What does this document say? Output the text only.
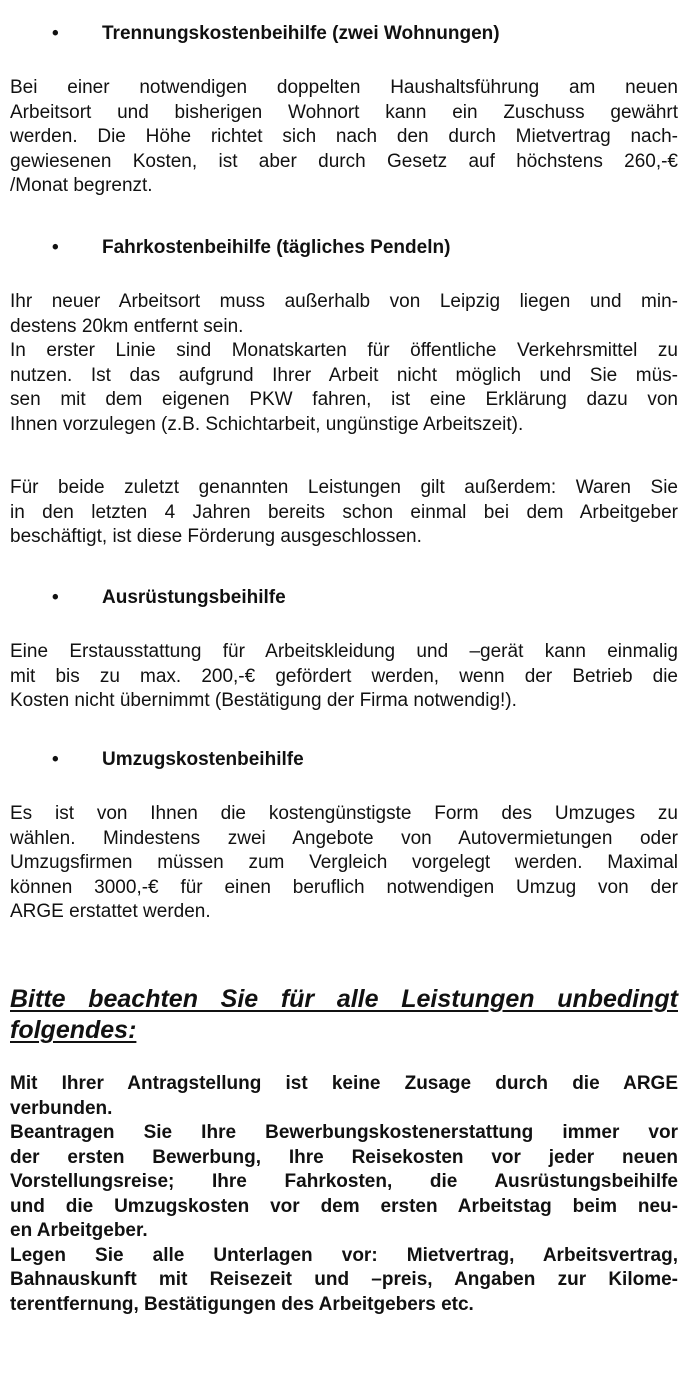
• Trennungskostenbeihilfe (zwei Wohnungen)
Bei einer notwendigen doppelten Haushaltsführung am neuen
Arbeitsort und bisherigen Wohnort kann ein Zuschuss gewährt
werden. Die Höhe richtet sich nach den durch Mietvertrag nach-
gewiesenen Kosten, ist aber durch Gesetz auf höchstens 260,-€
/Monat begrenzt.
• Fahrkostenbeihilfe (tägliches Pendeln)
Ihr neuer Arbeitsort muss außerhalb von Leipzig liegen und min-
destens 20km entfernt sein.
In erster Linie sind Monatskarten für öffentliche Verkehrsmittel zu
nutzen. Ist das aufgrund Ihrer Arbeit nicht möglich und Sie müs-
sen mit dem eigenen PKW fahren, ist eine Erklärung dazu von
Ihnen vorzulegen (z.B. Schichtarbeit, ungünstige Arbeitszeit).
Für beide zuletzt genannten Leistungen gilt außerdem: Waren Sie
in den letzten 4 Jahren bereits schon einmal bei dem Arbeitgeber
beschäftigt, ist diese Förderung ausgeschlossen.
• Ausrüstungsbeihilfe
Eine Erstausstattung für Arbeitskleidung und –gerät kann einmalig
mit bis zu max. 200,-€ gefördert werden, wenn der Betrieb die
Kosten nicht übernimmt (Bestätigung der Firma notwendig!).
• Umzugskostenbeihilfe
Es ist von Ihnen die kostengünstigste Form des Umzuges zu
wählen. Mindestens zwei Angebote von Autovermietungen oder
Umzugsfirmen müssen zum Vergleich vorgelegt werden. Maximal
können 3000,-€ für einen beruflich notwendigen Umzug von der
ARGE erstattet werden.
Bitte beachten Sie für alle Leistungen unbedingt
folgendes:
Mit Ihrer Antragstellung ist keine Zusage durch die ARGE
verbunden.
Beantragen Sie Ihre Bewerbungskostenerstattung immer vor
der ersten Bewerbung, Ihre Reisekosten vor jeder neuen
Vorstellungsreise; Ihre Fahrkosten, die Ausrüstungsbeihilfe
und die Umzugskosten vor dem ersten Arbeitstag beim neu-
en Arbeitgeber.
Legen Sie alle Unterlagen vor: Mietvertrag, Arbeitsvertrag,
Bahnauskunft mit Reisezeit und –preis, Angaben zur Kilome-
terentfernung, Bestätigungen des Arbeitgebers etc.
